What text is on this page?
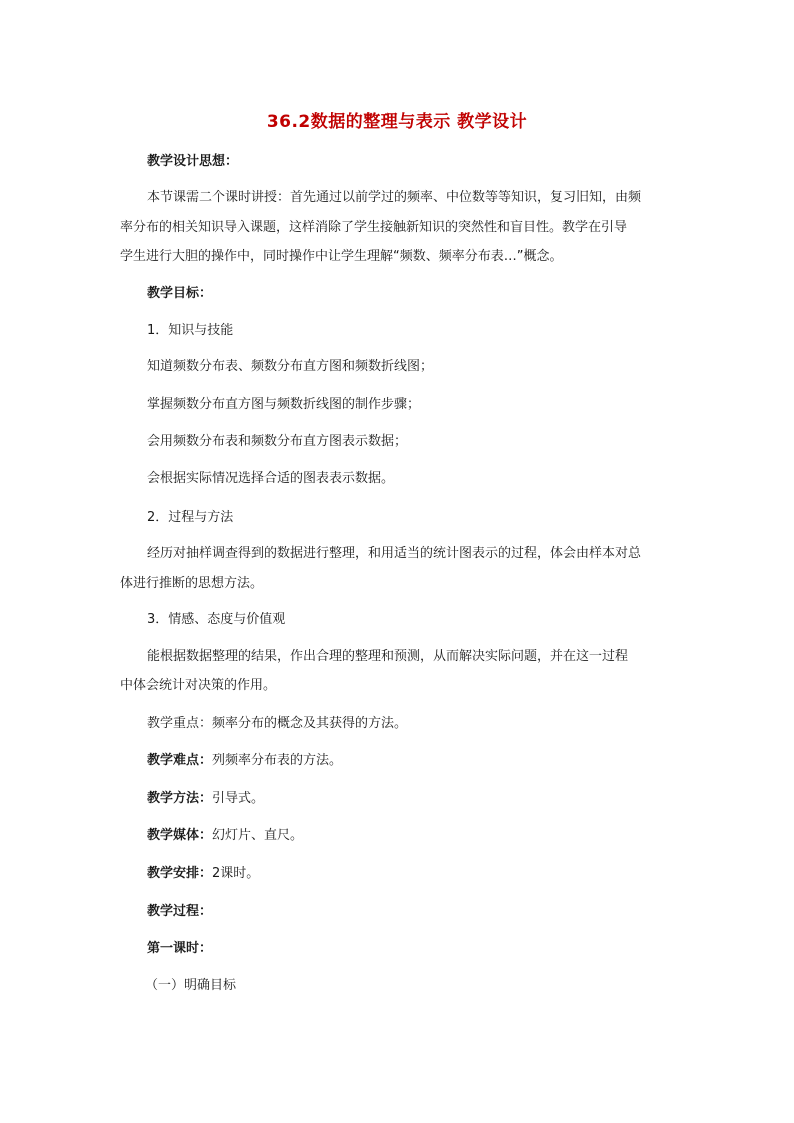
36.2数据的整理与表示 教学设计
教学设计思想：
本节课需二个课时讲授：首先通过以前学过的频率、中位数等等知识，复习旧知，由频
率分布的相关知识导入课题，这样消除了学生接触新知识的突然性和盲目性。教学在引导
学生进行大胆的操作中，同时操作中让学生理解“频数、频率分布表…”概念。
教学目标：
1．知识与技能
知道频数分布表、频数分布直方图和频数折线图；
掌握频数分布直方图与频数折线图的制作步骤；
会用频数分布表和频数分布直方图表示数据；
会根据实际情况选择合适的图表表示数据。
2．过程与方法
经历对抽样调查得到的数据进行整理，和用适当的统计图表示的过程，体会由样本对总
体进行推断的思想方法。
3．情感、态度与价值观
能根据数据整理的结果，作出合理的整理和预测，从而解决实际问题，并在这一过程
中体会统计对决策的作用。
教学重点：频率分布的概念及其获得的方法。
教学难点：列频率分布表的方法。
教学方法：引导式。
教学媒体：幻灯片、直尺。
教学安排：2课时。
教学过程：
第一课时：
（一）明确目标
